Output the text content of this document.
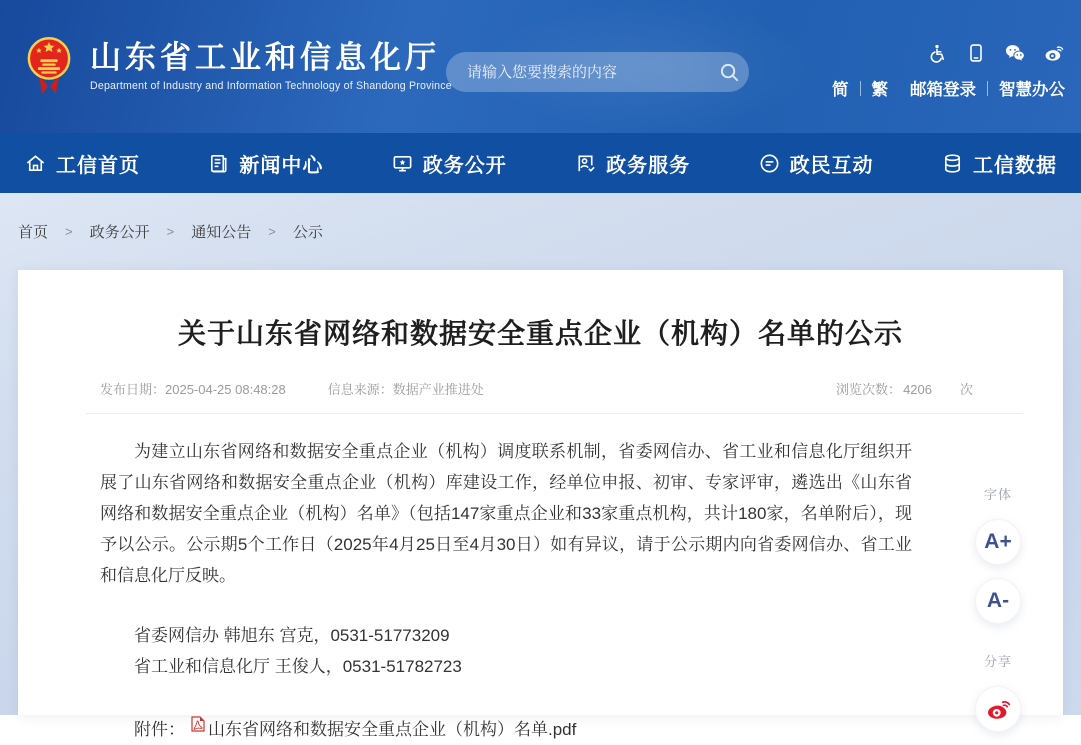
山东省工业和信息化厅
Department of Industry and Information Technology of Shandong Province
请输入您要搜索的内容	简 繁 邮箱登录 智慧办公
工信首页	新闻中心	政务公开	政务服务	政民互动	工信数据
首页 > 政务公开 > 通知公告 > 公示
关于山东省网络和数据安全重点企业（机构）名单的公示
发布日期：2025-04-25 08:48:28	信息来源：数据产业推进处	浏览次数： 4206 次

为建立山东省网络和数据安全重点企业（机构）调度联系机制，省委网信办、省工业和信息化厅组织开展了山东省网络和数据安全重点企业（机构）库建设工作，经单位申报、初审、专家评审，遴选出《山东省网络和数据安全重点企业（机构）名单》（包括147家重点企业和33家重点机构，共计180家，名单附后），现予以公示。公示期5个工作日（2025年4月25日至4月30日）如有异议，请于公示期内向省委网信办、省工业和信息化厅反映。

省委网信办 韩旭东 宫克，0531-51773209

省工业和信息化厅 王俊人，0531-51782723

附件： 山东省网络和数据安全重点企业（机构）名单.pdf
字体
A+
A-
分享
